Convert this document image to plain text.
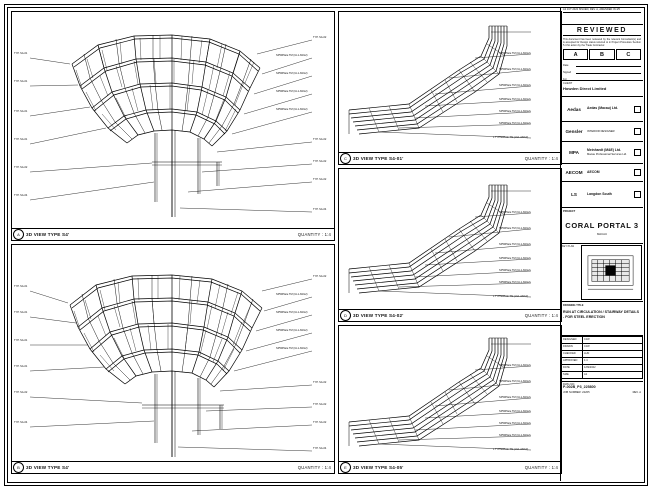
TYP. SA-01
TYP. SA-01
TYP. SA-01
TYP. SA-01
TYP. SA-02
TYP. SA-04
TYP. SA-02
SP50Plate TM (UL1 ANG2)
SP50Plate TM (UL1 ANG2)
SP50Plate TM (UL1 ANG2)
SP50Plate TM (UL1 ANG2)
TYP. SA-02
TYP. SA-02
TYP. SA-02
TYP. SA-04
A	3D VIEW TYPE S4'	QUANTITY : 1:4
TYP. SA-01
TYP. SA-01
TYP. SA-01
TYP. SA-01
TYP. SA-02
TYP. SA-04
TYP. SA-02
SP50Plate TM (UL1 ANG2)
SP50Plate TM (UL1 ANG2)
SP50Plate TM (UL1 ANG2)
SP50Plate TM (UL1 ANG2)
TYP. SA-02
TYP. SA-02
TYP. SA-02
TYP. SA-04
B	3D VIEW TYPE S4'	QUANTITY : 1:4
SP50Plate TM (UL1 ANG2)
SP50Plate TM (UL1 ANG2)
SP50Plate TM (UL1 ANG2)
SP50Plate TM (UL1 ANG2)
SP50Plate TM (UL1 ANG2)
SP50Plate TM (UL1 ANG2)
L TYP50Plate TM (UL1 ANG2)
C	3D VIEW TYPE S4-01'	QUANTITY : 1:4
SP50Plate TM (UL1 ANG2)
SP50Plate TM (UL1 ANG2)
SP50Plate TM (UL1 ANG2)
SP50Plate TM (UL1 ANG2)
SP50Plate TM (UL1 ANG2)
SP50Plate TM (UL1 ANG2)
L TYP50Plate TM (UL1 ANG2)
D	3D VIEW TYPE S4-02'	QUANTITY : 1:4
SP50Plate TM (UL1 ANG2)
SP50Plate TM (UL1 ANG2)
SP50Plate TM (UL1 ANG2)
SP50Plate TM (UL1 ANG2)
SP50Plate TM (UL1 ANG2)
SP50Plate TM (UL1 ANG2)
L TYP50Plate TM (UL1 ANG2)
E	3D VIEW TYPE S4-05'	QUANTITY : 1:4
A1 JCT 2022 ISSUED, REV. A, AMENDED IN 4/5

REVIEWED
This document has been reviewed by the relevant Consultant(s) and is accepted for Design status referred to in Project Procedure Section 5.4 for action by the Trade Contractor.
A	B	C
Date
Signed
For
CLIENT
Howden Direct Limited
Aedas	Aedas (Macau) Ltd.
Gensler	INTERIOR DESIGNER
MPA	Meinhardt (M&E) Ltd.
Macau Professional Services Ltd.
AECOM	AECOM
LS	Langdon South
PROJECT
CORAL PORTAL 3
MACAU
KEY PLAN
DRAWING TITLE
RUN AT CIRCULATION / STAIRWAY DETAILS - FOR STEEL ERECTION
DESIGNED	CJW
DRAWN	CJW
CHECKED	LHN
APPROVED	1:4
DATE	1/09/2022
SIZE	A1
DWG NO.
P-002B_P3_225800
JOB NUMBER: 22205	REV. A
